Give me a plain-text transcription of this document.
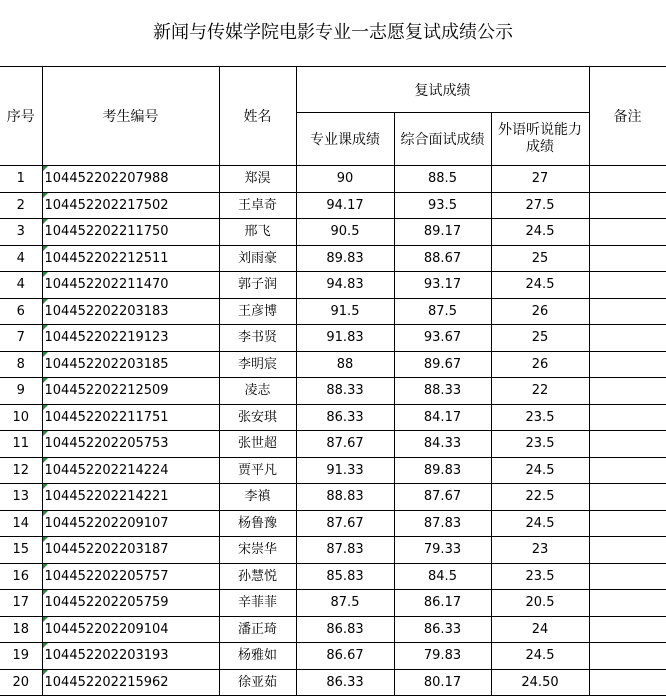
新闻与传媒学院电影专业一志愿复试成绩公示
序号	考生编号	姓名	复试成绩			备注
			专业课成绩	综合面试成绩	外语听说能力成绩	
1	104452202207988	郑淏	90	88.5	27	
2	104452202217502	王卓奇	94.17	93.5	27.5	
3	104452202211750	邢飞	90.5	89.17	24.5	
4	104452202212511	刘雨豪	89.83	88.67	25	
4	104452202211470	郭子润	94.83	93.17	24.5	
6	104452202203183	王彦博	91.5	87.5	26	
7	104452202219123	李书贤	91.83	93.67	25	
8	104452202203185	李明宸	88	89.67	26	
9	104452202212509	凌志	88.33	88.33	22	
10	104452202211751	张安琪	86.33	84.17	23.5	
11	104452202205753	张世超	87.67	84.33	23.5	
12	104452202214224	贾平凡	91.33	89.83	24.5	
13	104452202214221	李禛	88.83	87.67	22.5	
14	104452202209107	杨鲁豫	87.67	87.83	24.5	
15	104452202203187	宋崇华	87.83	79.33	23	
16	104452202205757	孙慧悦	85.83	84.5	23.5	
17	104452202205759	辛菲菲	87.5	86.17	20.5	
18	104452202209104	潘正琦	86.83	86.33	24	
19	104452202203193	杨雅如	86.67	79.83	24.5	
20	104452202215962	徐亚茹	86.33	80.17	24.50	
